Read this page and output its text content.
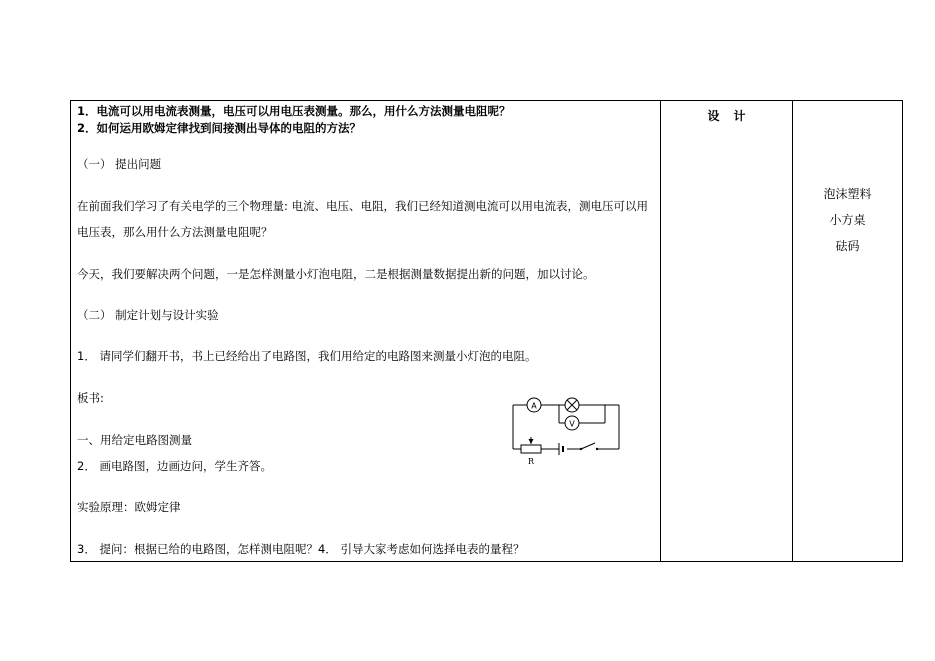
1．电流可以用电流表测量，电压可以用电压表测量。那么，用什么方法测量电阻呢？
2．如何运用欧姆定律找到间接测出导体的电阻的方法？
（一） 提出问题
在前面我们学习了有关电学的三个物理量: 电流、电压、电阻，我们已经知道测电流可以用电流表，测电压可以用电压表，那么用什么方法测量电阻呢？
今天，我们要解决两个问题，一是怎样测量小灯泡电阻，二是根据测量数据提出新的问题，加以讨论。
（二） 制定计划与设计实验
1． 请同学们翻开书，书上已经给出了电路图，我们用给定的电路图来测量小灯泡的电阻。
板书:
一、用给定电路图测量
2． 画电路图，边画边问，学生齐答。
实验原理：欧姆定律
3． 提问：根据已给的电路图，怎样测电阻呢？4． 引导大家考虑如何选择电表的量程？
A
V
R
设计
泡沫塑料
小方桌
砝码
